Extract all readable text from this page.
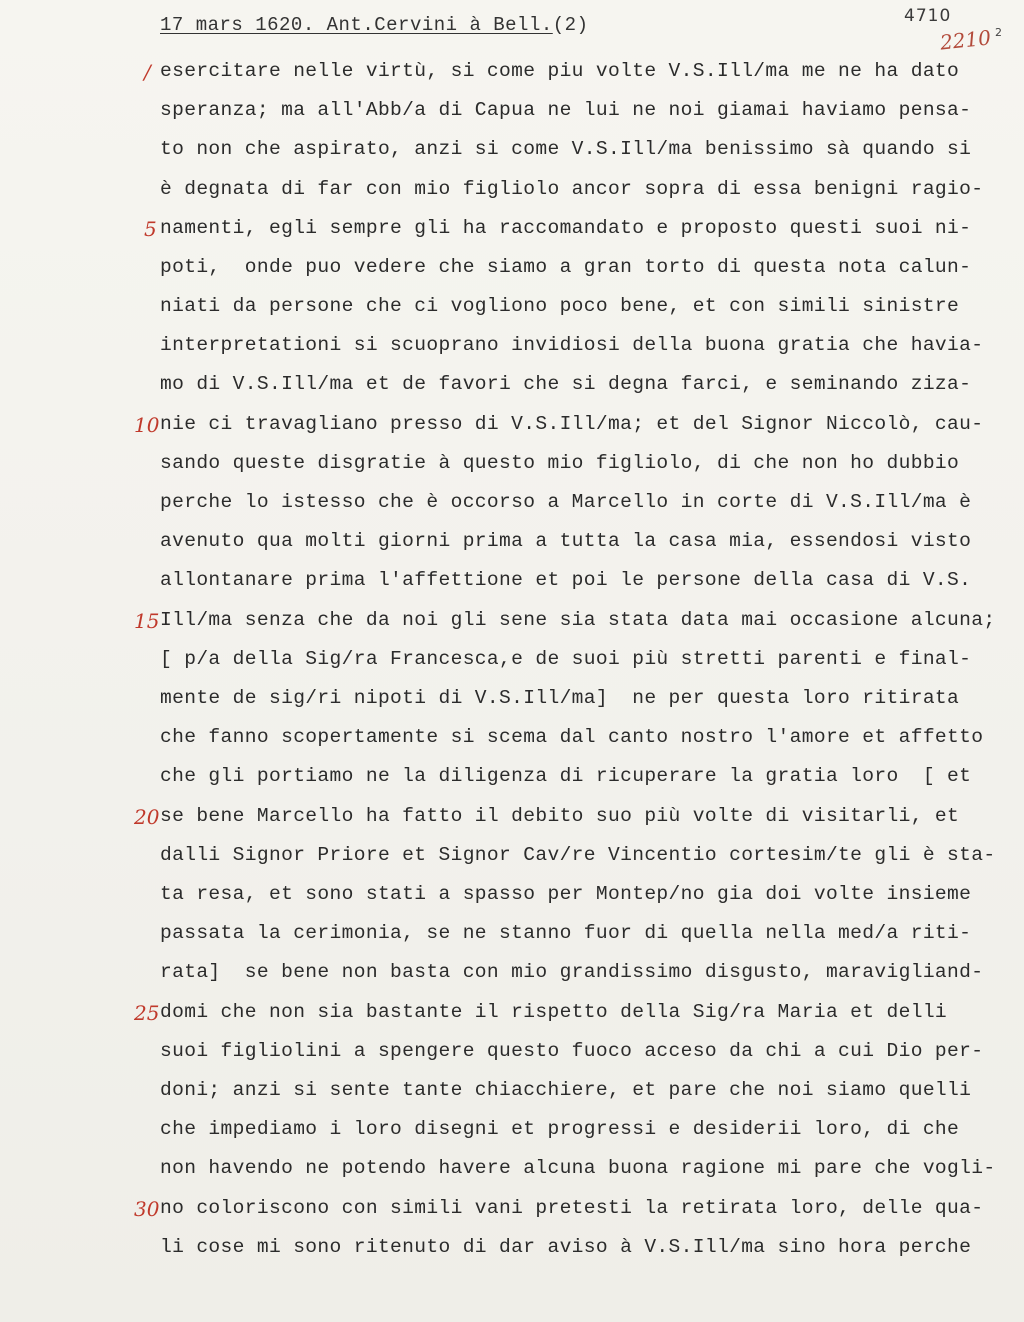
17 mars 1620. Ant.Cervini à Bell.(2)	4710
2210 2
/
5
10
15
20
25
30
esercitare nelle virtù, si come piu volte V.S.Ill/ma me ne ha dato
speranza; ma all'Abb/a di Capua ne lui ne noi giamai haviamo pensa-
to non che aspirato, anzi si come V.S.Ill/ma benissimo sà quando si
è degnata di far con mio figliolo ancor sopra di essa benigni ragio-
namenti, egli sempre gli ha raccomandato e proposto questi suoi ni-
poti,  onde puo vedere che siamo a gran torto di questa nota calun-
niati da persone che ci vogliono poco bene, et con simili sinistre
interpretationi si scuoprano invidiosi della buona gratia che havia-
mo di V.S.Ill/ma et de favori che si degna farci, e seminando ziza-
nie ci travagliano presso di V.S.Ill/ma; et del Signor Niccolò, cau-
sando queste disgratie à questo mio figliolo, di che non ho dubbio
perche lo istesso che è occorso a Marcello in corte di V.S.Ill/ma è
avenuto qua molti giorni prima a tutta la casa mia, essendosi visto
allontanare prima l'affettione et poi le persone della casa di V.S.
Ill/ma senza che da noi gli sene sia stata data mai occasione alcuna;
[ p/a della Sig/ra Francesca,e de suoi più stretti parenti e final-
mente de sig/ri nipoti di V.S.Ill/ma]  ne per questa loro ritirata
che fanno scopertamente si scema dal canto nostro l'amore et affetto
che gli portiamo ne la diligenza di ricuperare la gratia loro  [ et
se bene Marcello ha fatto il debito suo più volte di visitarli, et
dalli Signor Priore et Signor Cav/re Vincentio cortesim/te gli è sta-
ta resa, et sono stati a spasso per Montep/no gia doi volte insieme
passata la cerimonia, se ne stanno fuor di quella nella med/a riti-
rata]  se bene non basta con mio grandissimo disgusto, maravigliand-
domi che non sia bastante il rispetto della Sig/ra Maria et delli
suoi figliolini a spengere questo fuoco acceso da chi a cui Dio per-
doni; anzi si sente tante chiacchiere, et pare che noi siamo quelli
che impediamo i loro disegni et progressi e desiderii loro, di che
non havendo ne potendo havere alcuna buona ragione mi pare che vogli-
no coloriscono con simili vani pretesti la retirata loro, delle qua-
li cose mi sono ritenuto di dar aviso à V.S.Ill/ma sino hora perche
